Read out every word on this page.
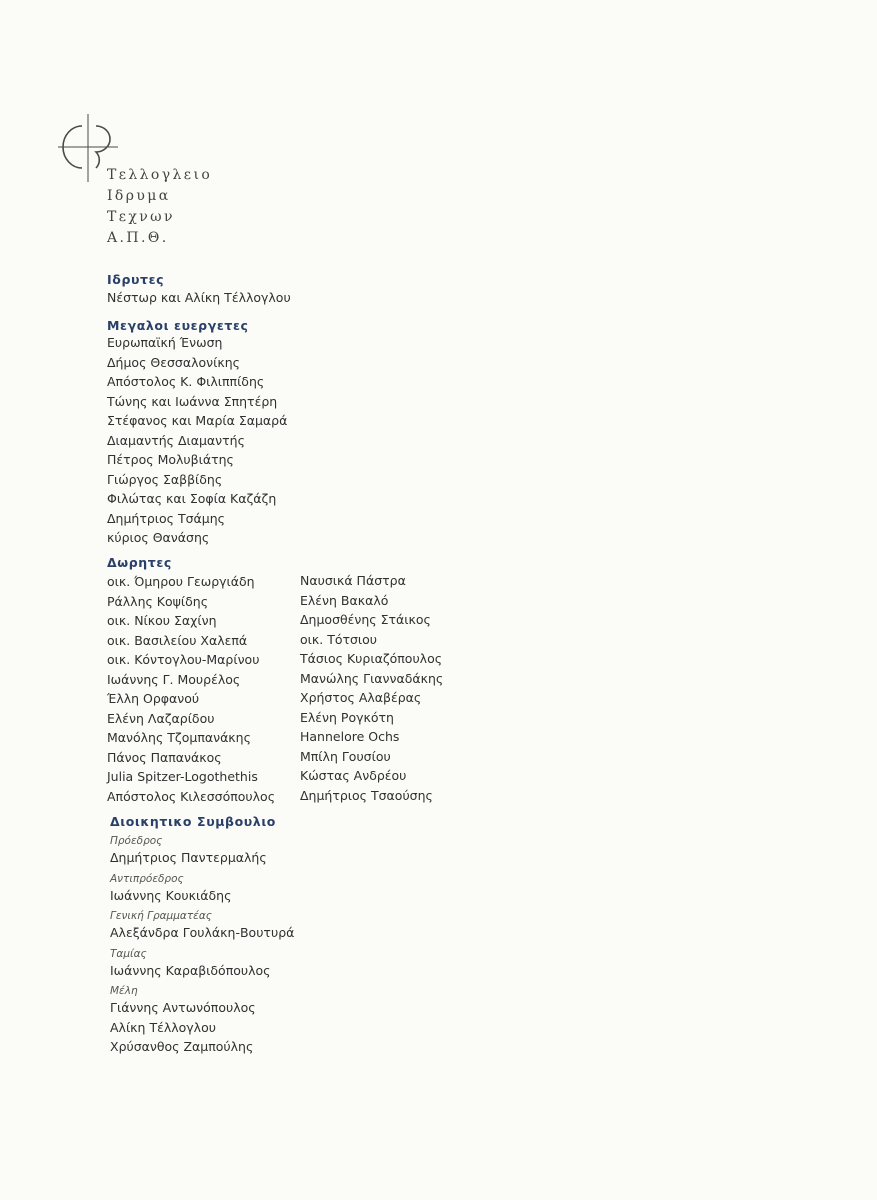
Τελλογλειο
Ιδρυμα
Τεχνων
Α.Π.Θ.
Ιδρυτες
Νέστωρ και Αλίκη Τέλλογλου
Μεγαλοι ευεργετες
Ευρωπαϊκή Ένωση
Δήμος Θεσσαλονίκης
Απόστολος Κ. Φιλιππίδης
Τώνης και Ιωάννα Σπητέρη
Στέφανος και Μαρία Σαμαρά
Διαμαντής Διαμαντής
Πέτρος Μολυβιάτης
Γιώργος Σαββίδης
Φιλώτας και Σοφία Καζάζη
Δημήτριος Τσάμης
κύριος Θανάσης
Δωρητες
οικ. Όμηρου Γεωργιάδη
Ράλλης Κοψίδης
οικ. Νίκου Σαχίνη
οικ. Βασιλείου Χαλεπά
οικ. Κόντογλου-Μαρίνου
Ιωάννης Γ. Μουρέλος
Έλλη Ορφανού
Ελένη Λαζαρίδου
Μανόλης Τζομπανάκης
Πάνος Παπανάκος
Julia Spitzer-Logothethis
Απόστολος Κιλεσσόπουλος
Ναυσικά Πάστρα
Ελένη Βακαλό
Δημοσθένης Στάικος
οικ. Τότσιου
Τάσιος Κυριαζόπουλος
Μανώλης Γιανναδάκης
Χρήστος Αλαβέρας
Ελένη Ρογκότη
Hannelore Ochs
Μπίλη Γουσίου
Κώστας Ανδρέου
Δημήτριος Τσαούσης
Διοικητικο Συμβουλιο
Πρόεδρος
Δημήτριος Παντερμαλής
Αντιπρόεδρος
Ιωάννης Κουκιάδης
Γενική Γραμματέας
Αλεξάνδρα Γουλάκη-Βουτυρά
Ταμίας
Ιωάννης Καραβιδόπουλος
Μέλη
Γιάννης Αντωνόπουλος
Αλίκη Τέλλογλου
Χρύσανθος Ζαμπούλης
